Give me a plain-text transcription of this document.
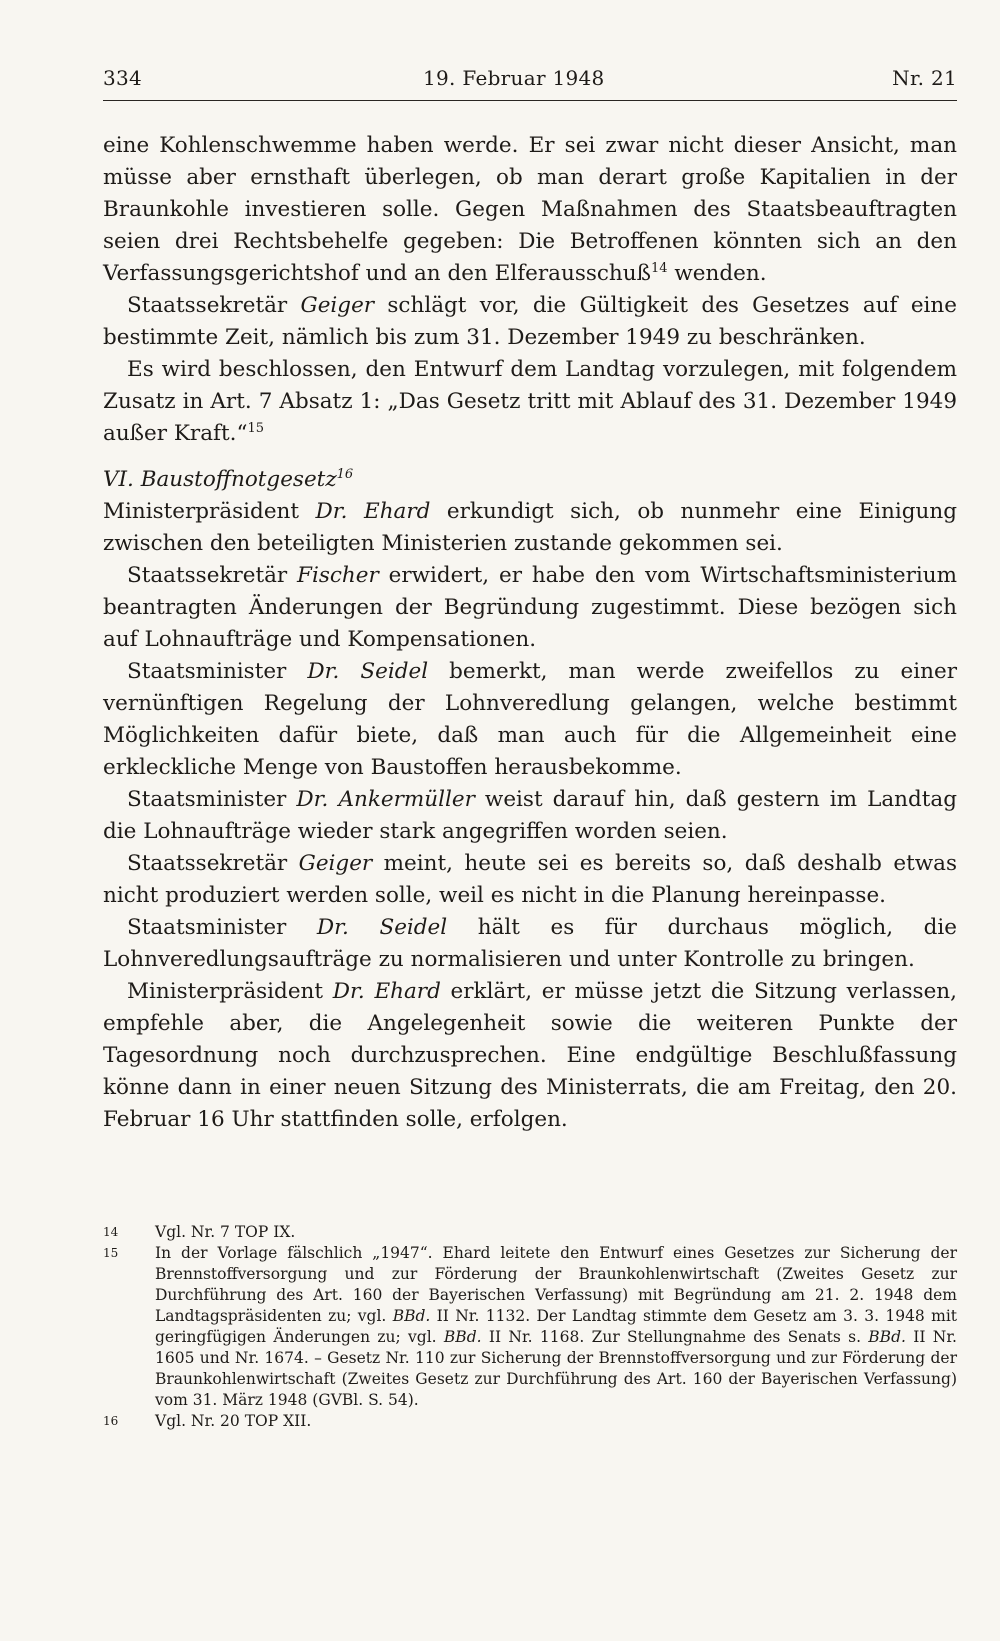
334	19. Februar 1948	Nr. 21

eine Kohlenschwemme haben werde. Er sei zwar nicht dieser Ansicht, man müsse aber ernsthaft überlegen, ob man derart große Kapitalien in der Braunkohle investieren solle. Gegen Maßnahmen des Staatsbeauftragten seien drei Rechtsbehelfe gegeben: Die Betroffenen könnten sich an den Verfassungsgerichtshof und an den Elferausschuß$^{14}$ wenden.

Staatssekretär Geiger schlägt vor, die Gültigkeit des Gesetzes auf eine bestimmte Zeit, nämlich bis zum 31. Dezember 1949 zu beschränken.

Es wird beschlossen, den Entwurf dem Landtag vorzulegen, mit folgendem Zusatz in Art. 7 Absatz 1: „Das Gesetz tritt mit Ablauf des 31. Dezember 1949 außer Kraft.“$^{15}$

VI. Baustoffnotgesetz$^{16}$

Ministerpräsident Dr. Ehard erkundigt sich, ob nunmehr eine Einigung zwischen den beteiligten Ministerien zustande gekommen sei.

Staatssekretär Fischer erwidert, er habe den vom Wirtschaftsministerium beantragten Änderungen der Begründung zugestimmt. Diese bezögen sich auf Lohnaufträge und Kompensationen.

Staatsminister Dr. Seidel bemerkt, man werde zweifellos zu einer vernünftigen Regelung der Lohnveredlung gelangen, welche bestimmt Möglichkeiten dafür biete, daß man auch für die Allgemeinheit eine erkleckliche Menge von Baustoffen herausbekomme.

Staatsminister Dr. Ankermüller weist darauf hin, daß gestern im Landtag die Lohnaufträge wieder stark angegriffen worden seien.

Staatssekretär Geiger meint, heute sei es bereits so, daß deshalb etwas nicht produziert werden solle, weil es nicht in die Planung hereinpasse.

Staatsminister Dr. Seidel hält es für durchaus möglich, die Lohnveredlungsaufträge zu normalisieren und unter Kontrolle zu bringen.

Ministerpräsident Dr. Ehard erklärt, er müsse jetzt die Sitzung verlassen, empfehle aber, die Angelegenheit sowie die weiteren Punkte der Tagesordnung noch durchzusprechen. Eine endgültige Beschlußfassung könne dann in einer neuen Sitzung des Ministerrats, die am Freitag, den 20. Februar 16 Uhr stattfinden solle, erfolgen.

14 Vgl. Nr. 7 TOP IX.

15 In der Vorlage fälschlich „1947“. Ehard leitete den Entwurf eines Gesetzes zur Sicherung der Brennstoffversorgung und zur Förderung der Braunkohlenwirtschaft (Zweites Gesetz zur Durchführung des Art. 160 der Bayerischen Verfassung) mit Begründung am 21. 2. 1948 dem Landtagspräsidenten zu; vgl. BBd. II Nr. 1132. Der Landtag stimmte dem Gesetz am 3. 3. 1948 mit geringfügigen Änderungen zu; vgl. BBd. II Nr. 1168. Zur Stellungnahme des Senats s. BBd. II Nr. 1605 und Nr. 1674. – Gesetz Nr. 110 zur Sicherung der Brennstoffversorgung und zur Förderung der Braunkohlenwirtschaft (Zweites Gesetz zur Durchführung des Art. 160 der Bayerischen Verfassung) vom 31. März 1948 (GVBl. S. 54).

16 Vgl. Nr. 20 TOP XII.
